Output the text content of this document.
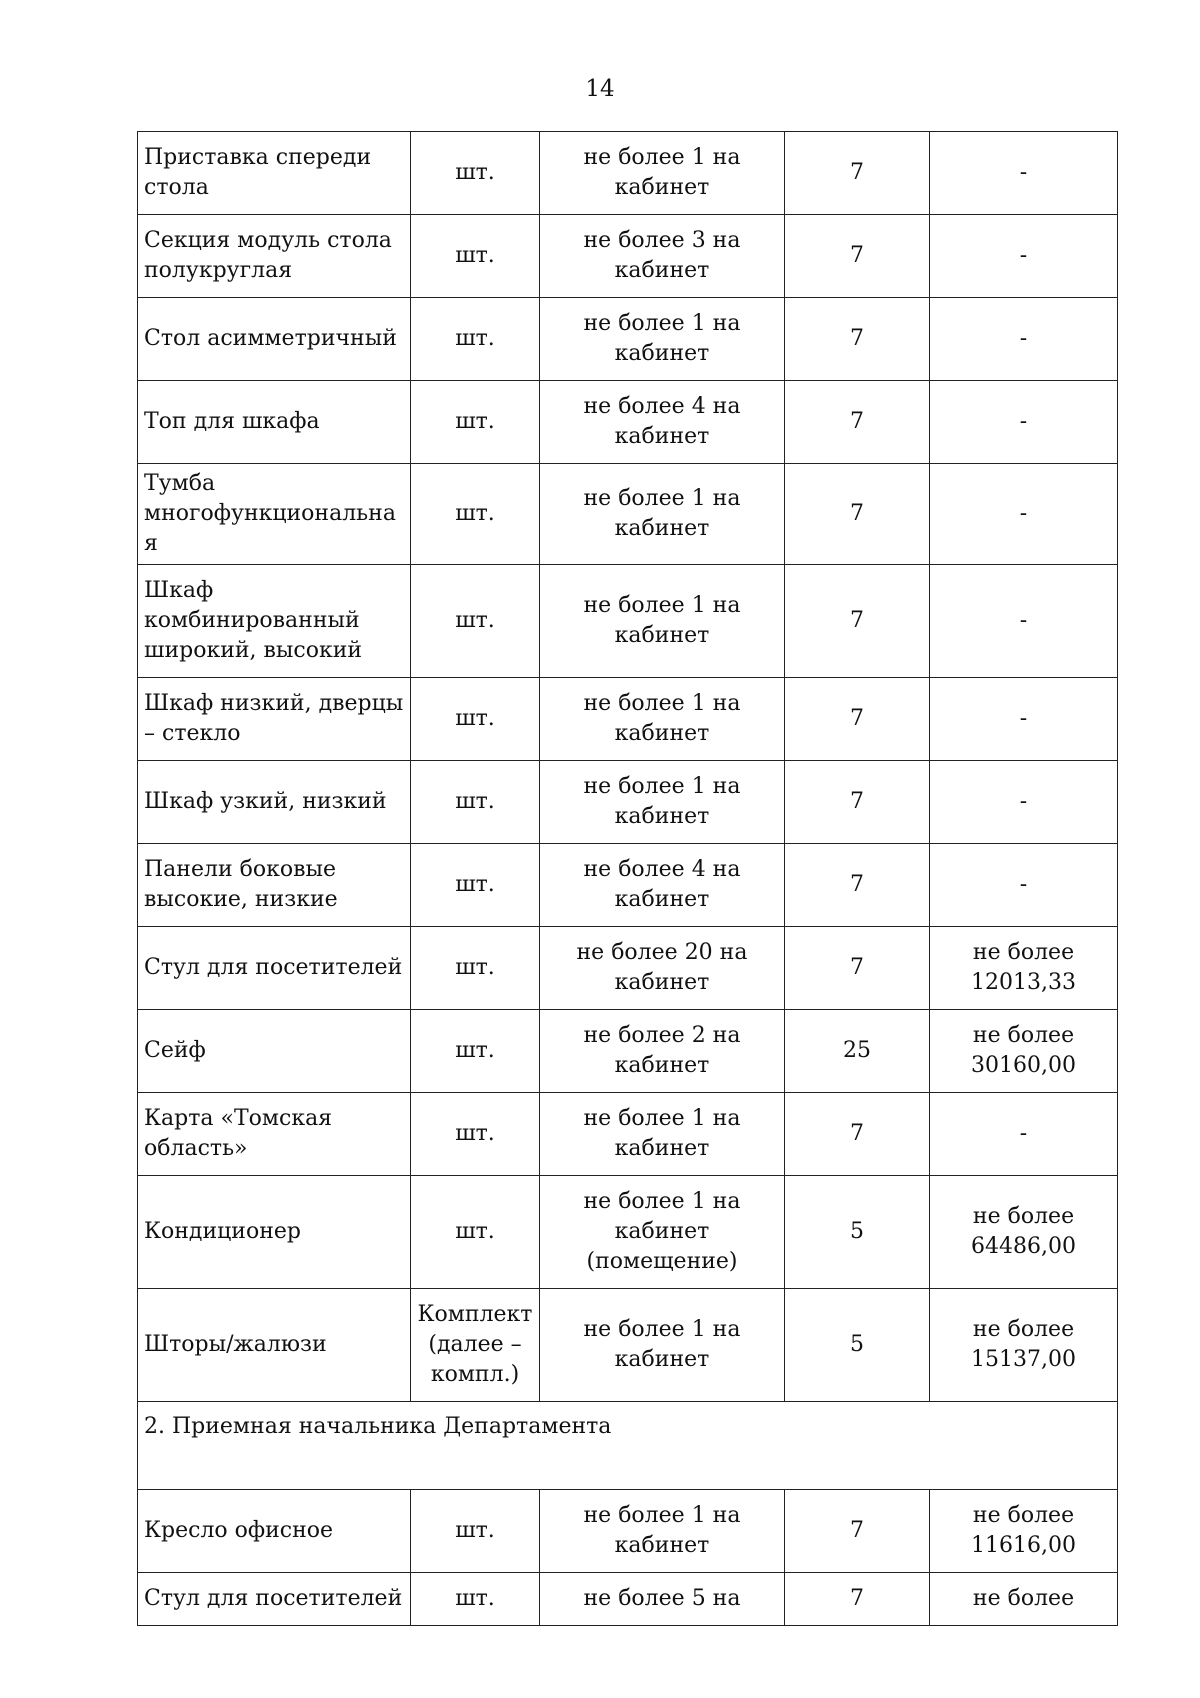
14
Приставка спереди стола	шт.	не более 1 на кабинет	7	-
Секция модуль стола полукруглая	шт.	не более 3 на кабинет	7	-
Стол асимметричный	шт.	не более 1 на кабинет	7	-
Топ для шкафа	шт.	не более 4 на кабинет	7	-
Тумба многофункциональная	шт.	не более 1 на кабинет	7	-
Шкаф комбинированный широкий, высокий	шт.	не более 1 на кабинет	7	-
Шкаф низкий, дверцы – стекло	шт.	не более 1 на кабинет	7	-
Шкаф узкий, низкий	шт.	не более 1 на кабинет	7	-
Панели боковые высокие, низкие	шт.	не более 4 на кабинет	7	-
Стул для посетителей	шт.	не более 20 на кабинет	7	не более 12013,33
Сейф	шт.	не более 2 на кабинет	25	не более 30160,00
Карта «Томская область»	шт.	не более 1 на кабинет	7	-
Кондиционер	шт.	не более 1 на кабинет (помещение)	5	не более 64486,00
Шторы/жалюзи	Комплект (далее – компл.)	не более 1 на кабинет	5	не более 15137,00
2. Приемная начальника Департамента				
Кресло офисное	шт.	не более 1 на кабинет	7	не более 11616,00
Стул для посетителей	шт.	не более 5 на	7	не более
